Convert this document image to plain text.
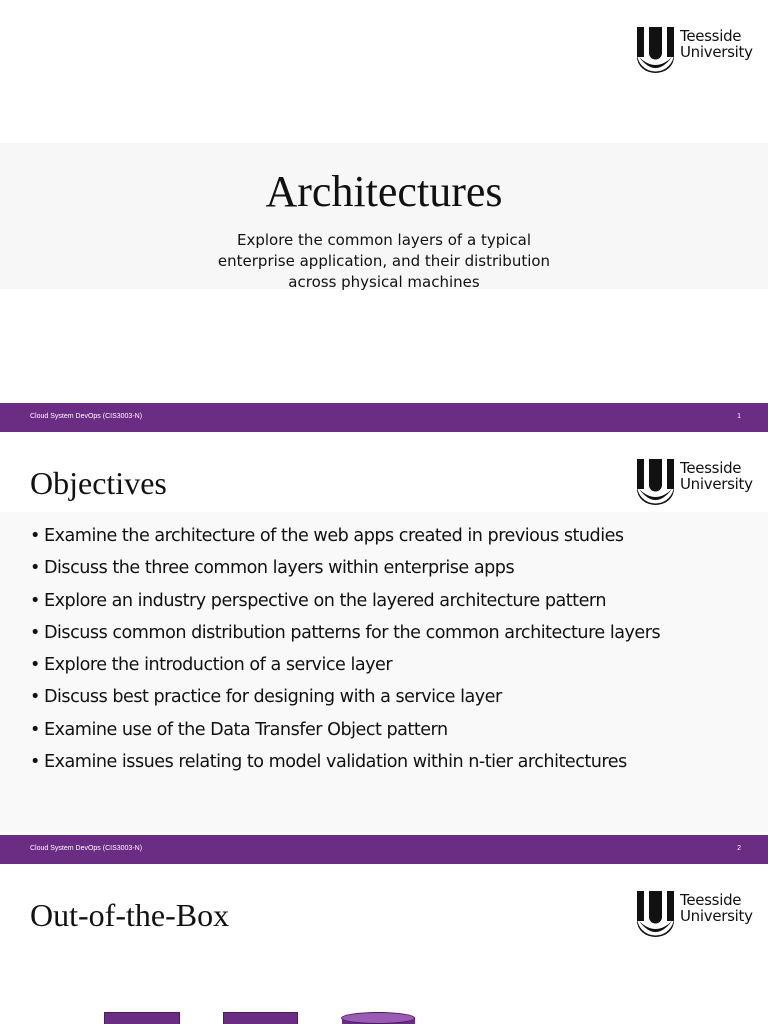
Teesside
University
Architectures
Explore the common layers of a typical
enterprise application, and their distribution
across physical machines
Cloud System DevOps (CIS3003-N)	1
Objectives	Teesside
University
• Examine the architecture of the web apps created in previous studies
• Discuss the three common layers within enterprise apps
• Explore an industry perspective on the layered architecture pattern
• Discuss common distribution patterns for the common architecture layers
• Explore the introduction of a service layer
• Discuss best practice for designing with a service layer
• Examine use of the Data Transfer Object pattern
• Examine issues relating to model validation within n-tier architectures
Cloud System DevOps (CIS3003-N)	2
Out-of-the-Box	Teesside
University
